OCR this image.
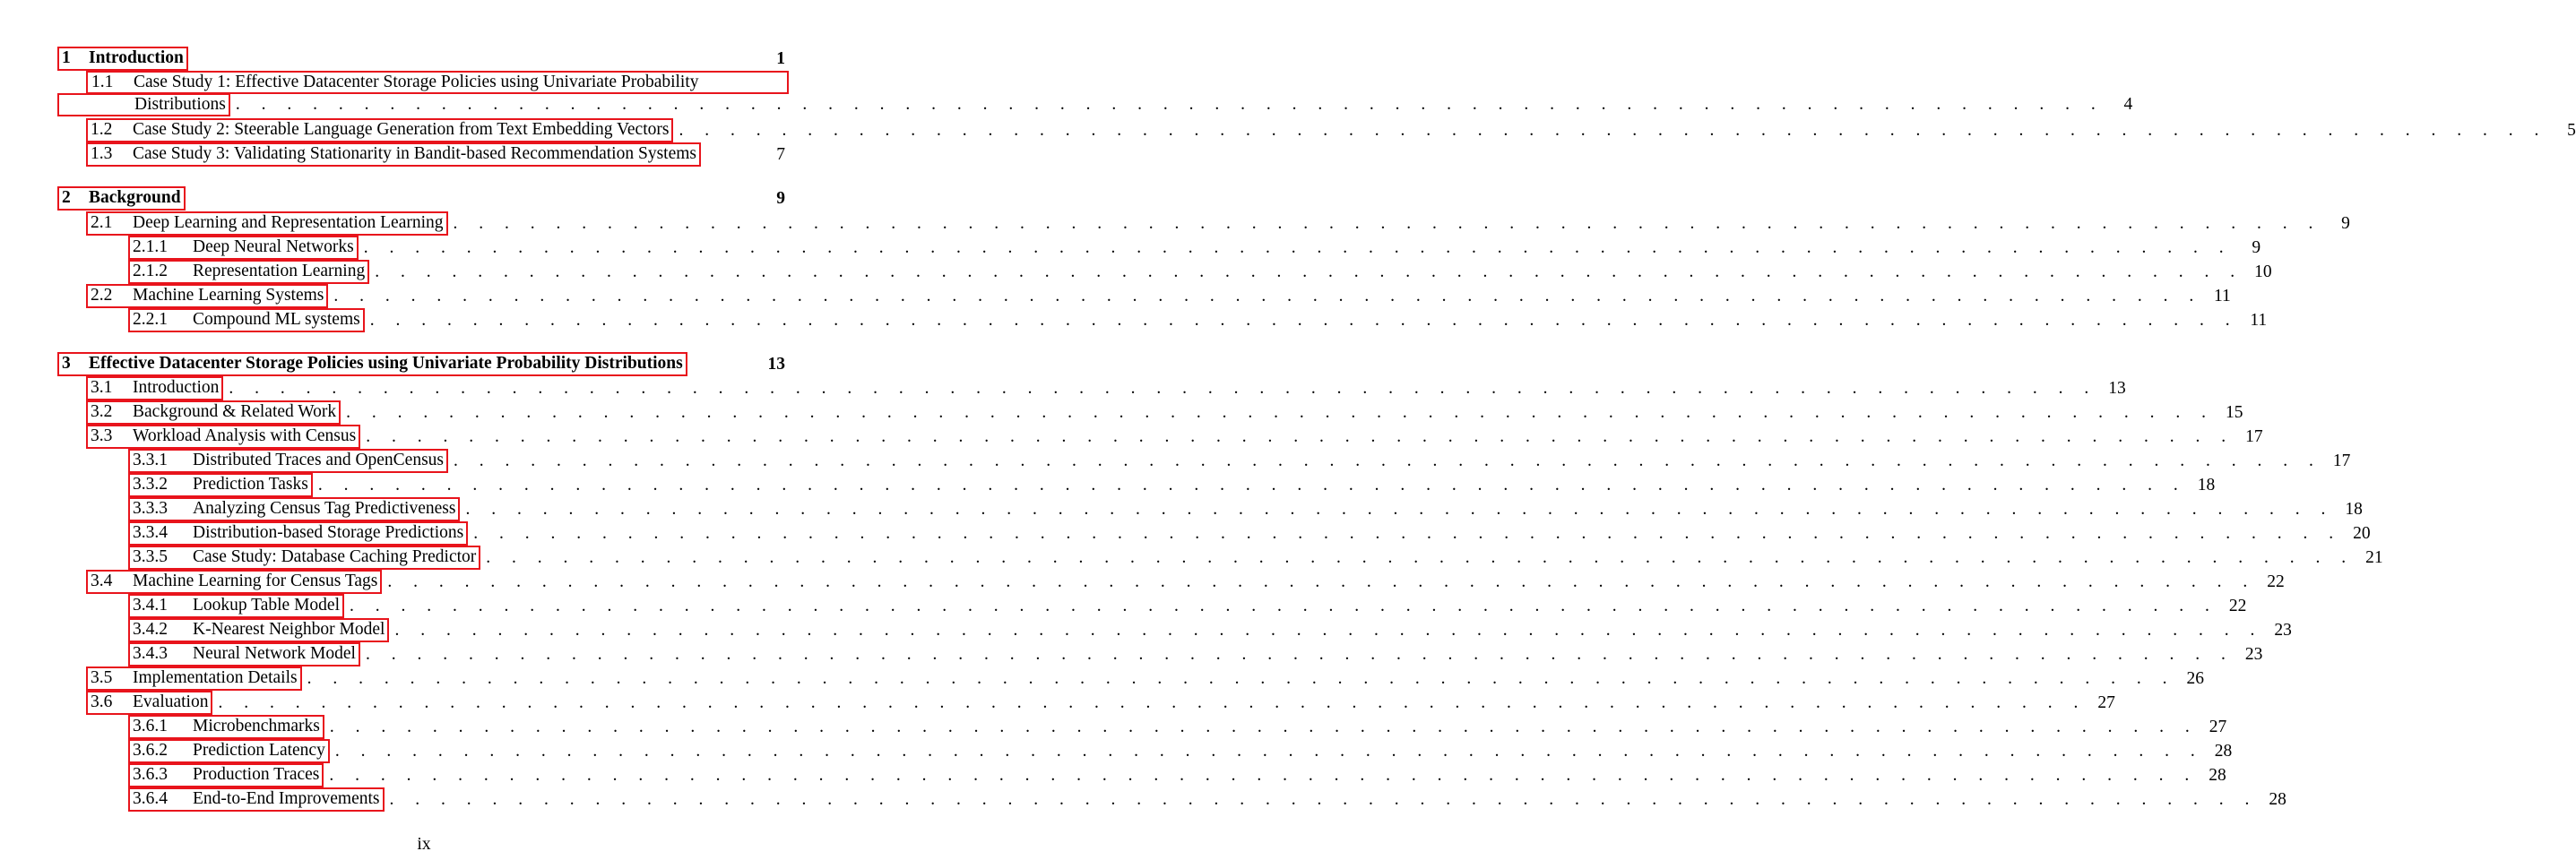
1	Introduction	1
1.1 Case Study 1: Effective Datacenter Storage Policies using Univariate Probability
Distributions . . . . . . . . . . . . . . . . . . . . . . . . . . . . . . . . . . . . . . . . . . . . . . . . . . . . . . . . . . . . . . . . . . . . . . . . .	4
1.2	Case Study 2: Steerable Language Generation from Text Embedding Vectors . . . . . . . . . . . . . . . . . . . . . . . . . . . . . . . . . . . . . . . . . . . . . . . . . . . . . . . . . . . . . . . . . . . . . . . . .	5
1.3	Case Study 3: Validating Stationarity in Bandit-based Recommendation Systems	7
2	Background	9
2.1	Deep Learning and Representation Learning . . . . . . . . . . . . . . . . . . . . . . . . . . . . . . . . . . . . . . . . . . . . . . . . . . . . . . . . . . . . . . . . . . . . . . . . .	9
2.1.1	Deep Neural Networks . . . . . . . . . . . . . . . . . . . . . . . . . . . . . . . . . . . . . . . . . . . . . . . . . . . . . . . . . . . . . . . . . . . . . . . . .	9
2.1.2	Representation Learning . . . . . . . . . . . . . . . . . . . . . . . . . . . . . . . . . . . . . . . . . . . . . . . . . . . . . . . . . . . . . . . . . . . . . . . . . 10
2.2	Machine Learning Systems . . . . . . . . . . . . . . . . . . . . . . . . . . . . . . . . . . . . . . . . . . . . . . . . . . . . . . . . . . . . . . . . . . . . . . . . . 11
2.2.1	Compound ML systems . . . . . . . . . . . . . . . . . . . . . . . . . . . . . . . . . . . . . . . . . . . . . . . . . . . . . . . . . . . . . . . . . . . . . . . . . 11
3	Effective Datacenter Storage Policies using Univariate Probability Distributions	13
3.1	Introduction . . . . . . . . . . . . . . . . . . . . . . . . . . . . . . . . . . . . . . . . . . . . . . . . . . . . . . . . . . . . . . . . . . . . . . . . . 13
3.2	Background & Related Work . . . . . . . . . . . . . . . . . . . . . . . . . . . . . . . . . . . . . . . . . . . . . . . . . . . . . . . . . . . . . . . . . . . . . . . . . 15
3.3	Workload Analysis with Census . . . . . . . . . . . . . . . . . . . . . . . . . . . . . . . . . . . . . . . . . . . . . . . . . . . . . . . . . . . . . . . . . . . . . . . . . 17
3.3.1	Distributed Traces and OpenCensus . . . . . . . . . . . . . . . . . . . . . . . . . . . . . . . . . . . . . . . . . . . . . . . . . . . . . . . . . . . . . . . . . . . . . . . . . 17
3.3.2	Prediction Tasks . . . . . . . . . . . . . . . . . . . . . . . . . . . . . . . . . . . . . . . . . . . . . . . . . . . . . . . . . . . . . . . . . . . . . . . . . 18
3.3.3	Analyzing Census Tag Predictiveness . . . . . . . . . . . . . . . . . . . . . . . . . . . . . . . . . . . . . . . . . . . . . . . . . . . . . . . . . . . . . . . . . . . . . . . . . 18
3.3.4	Distribution-based Storage Predictions . . . . . . . . . . . . . . . . . . . . . . . . . . . . . . . . . . . . . . . . . . . . . . . . . . . . . . . . . . . . . . . . . . . . . . . . . 20
3.3.5	Case Study: Database Caching Predictor . . . . . . . . . . . . . . . . . . . . . . . . . . . . . . . . . . . . . . . . . . . . . . . . . . . . . . . . . . . . . . . . . . . . . . . . . 21
3.4	Machine Learning for Census Tags . . . . . . . . . . . . . . . . . . . . . . . . . . . . . . . . . . . . . . . . . . . . . . . . . . . . . . . . . . . . . . . . . . . . . . . . . 22
3.4.1	Lookup Table Model . . . . . . . . . . . . . . . . . . . . . . . . . . . . . . . . . . . . . . . . . . . . . . . . . . . . . . . . . . . . . . . . . . . . . . . . . 22
3.4.2	K-Nearest Neighbor Model . . . . . . . . . . . . . . . . . . . . . . . . . . . . . . . . . . . . . . . . . . . . . . . . . . . . . . . . . . . . . . . . . . . . . . . . . 23
3.4.3	Neural Network Model . . . . . . . . . . . . . . . . . . . . . . . . . . . . . . . . . . . . . . . . . . . . . . . . . . . . . . . . . . . . . . . . . . . . . . . . . 23
3.5	Implementation Details . . . . . . . . . . . . . . . . . . . . . . . . . . . . . . . . . . . . . . . . . . . . . . . . . . . . . . . . . . . . . . . . . . . . . . . . . 26
3.6	Evaluation . . . . . . . . . . . . . . . . . . . . . . . . . . . . . . . . . . . . . . . . . . . . . . . . . . . . . . . . . . . . . . . . . . . . . . . . . 27
3.6.1	Microbenchmarks . . . . . . . . . . . . . . . . . . . . . . . . . . . . . . . . . . . . . . . . . . . . . . . . . . . . . . . . . . . . . . . . . . . . . . . . . 27
3.6.2	Prediction Latency . . . . . . . . . . . . . . . . . . . . . . . . . . . . . . . . . . . . . . . . . . . . . . . . . . . . . . . . . . . . . . . . . . . . . . . . . 28
3.6.3	Production Traces . . . . . . . . . . . . . . . . . . . . . . . . . . . . . . . . . . . . . . . . . . . . . . . . . . . . . . . . . . . . . . . . . . . . . . . . . 28
3.6.4	End-to-End Improvements . . . . . . . . . . . . . . . . . . . . . . . . . . . . . . . . . . . . . . . . . . . . . . . . . . . . . . . . . . . . . . . . . . . . . . . . . 28
ix
